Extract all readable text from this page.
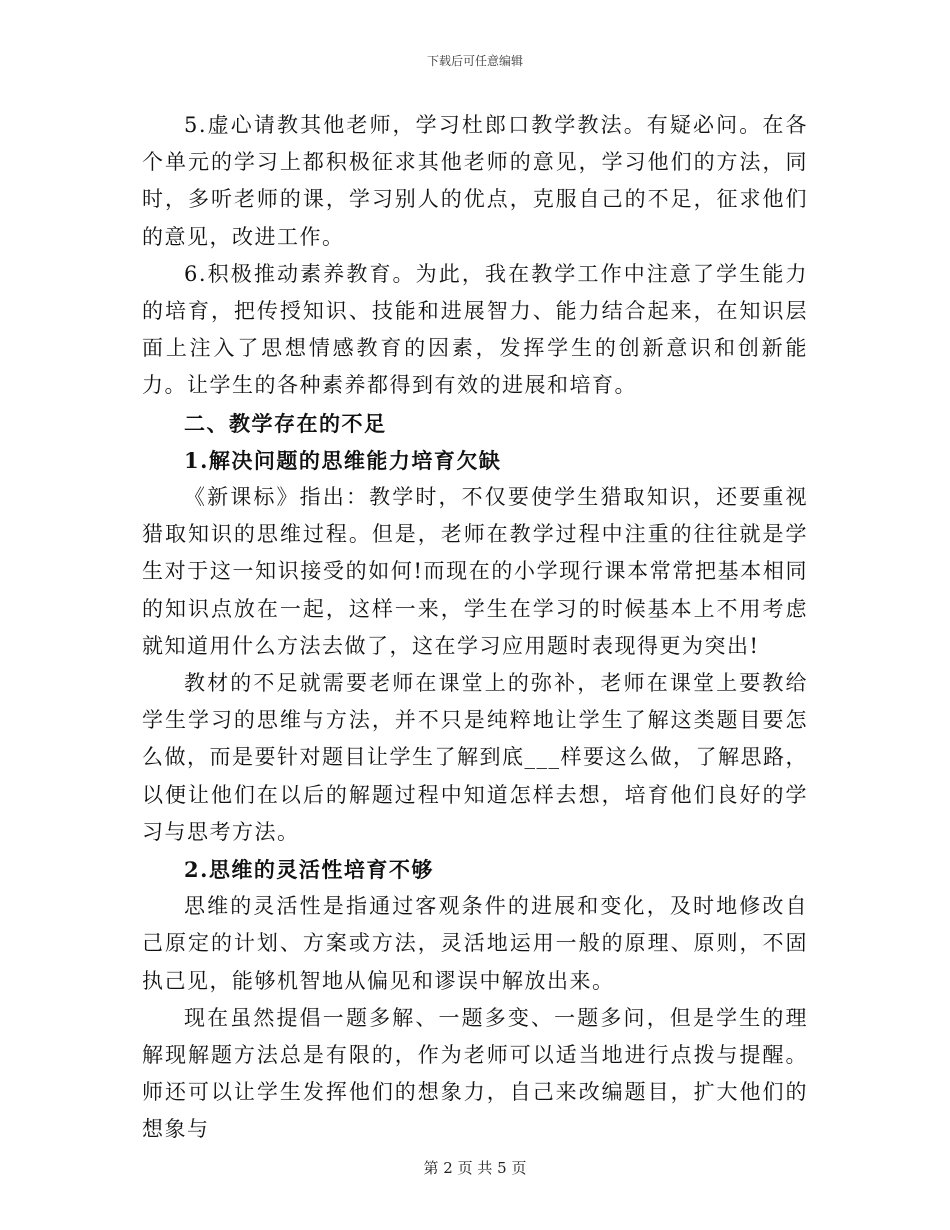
下载后可任意编辑

5.虚心请教其他老师，学习杜郎口教学教法。有疑必问。在各个单元的学习上都积极征求其他老师的意见，学习他们的方法，同时，多听老师的课，学习别人的优点，克服自己的不足，征求他们的意见，改进工作。

6.积极推动素养教育。为此，我在教学工作中注意了学生能力的培育，把传授知识、技能和进展智力、能力结合起来，在知识层面上注入了思想情感教育的因素，发挥学生的创新意识和创新能力。让学生的各种素养都得到有效的进展和培育。

二、教学存在的不足

1.解决问题的思维能力培育欠缺

《新课标》指出：教学时，不仅要使学生猎取知识，还要重视猎取知识的思维过程。但是，老师在教学过程中注重的往往就是学生对于这一知识接受的如何!而现在的小学现行课本常常把基本相同的知识点放在一起，这样一来，学生在学习的时候基本上不用考虑就知道用什么方法去做了，这在学习应用题时表现得更为突出!

教材的不足就需要老师在课堂上的弥补，老师在课堂上要教给学生学习的思维与方法，并不只是纯粹地让学生了解这类题目要怎么做，而是要针对题目让学生了解到底___样要这么做，了解思路，以便让他们在以后的解题过程中知道怎样去想，培育他们良好的学习与思考方法。

2.思维的灵活性培育不够

思维的灵活性是指通过客观条件的进展和变化，及时地修改自己原定的计划、方案或方法，灵活地运用一般的原理、原则，不固执己见，能够机智地从偏见和谬误中解放出来。

现在虽然提倡一题多解、一题多变、一题多问，但是学生的理解现解题方法总是有限的，作为老师可以适当地进行点拨与提醒。师还可以让学生发挥他们的想象力，自己来改编题目，扩大他们的想象与

第 2 页 共 5 页
